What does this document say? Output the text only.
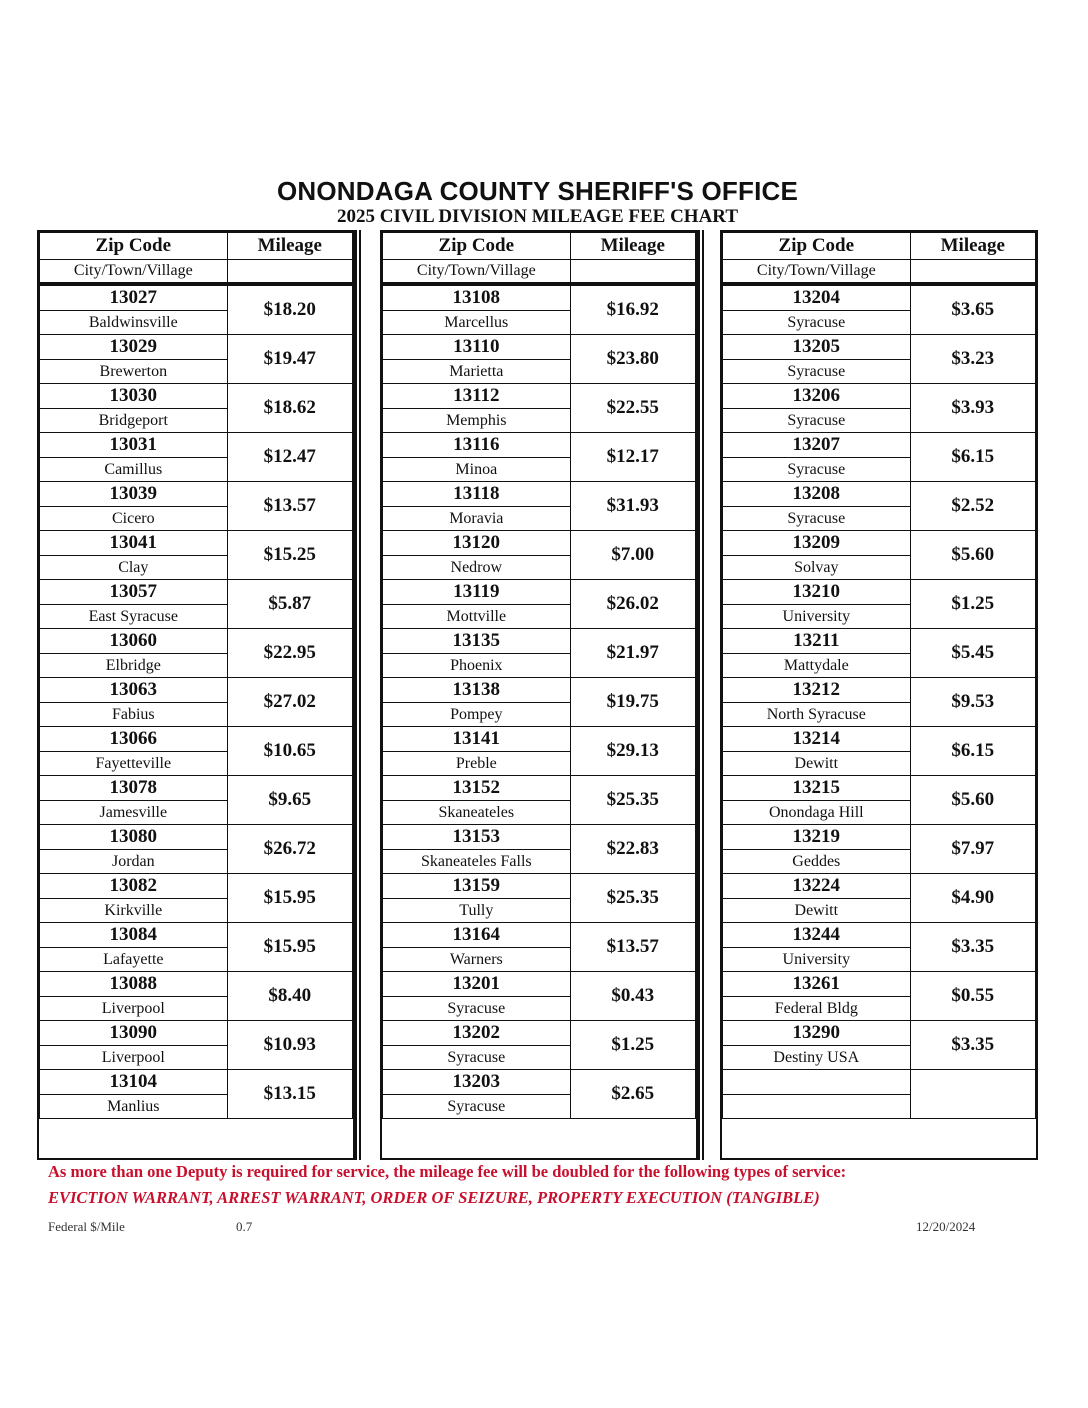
ONONDAGA COUNTY SHERIFF'S OFFICE
2025 CIVIL DIVISION MILEAGE FEE CHART
Zip Code	Mileage
City/Town/Village	
13027	$18.20
Baldwinsville	
13029	$19.47
Brewerton	
13030	$18.62
Bridgeport	
13031	$12.47
Camillus	
13039	$13.57
Cicero	
13041	$15.25
Clay	
13057	$5.87
East Syracuse	
13060	$22.95
Elbridge	
13063	$27.02
Fabius	
13066	$10.65
Fayetteville	
13078	$9.65
Jamesville	
13080	$26.72
Jordan	
13082	$15.95
Kirkville	
13084	$15.95
Lafayette	
13088	$8.40
Liverpool	
13090	$10.93
Liverpool	
13104	$13.15
Manlius	
Zip Code	Mileage
City/Town/Village	
13108	$16.92
Marcellus	
13110	$23.80
Marietta	
13112	$22.55
Memphis	
13116	$12.17
Minoa	
13118	$31.93
Moravia	
13120	$7.00
Nedrow	
13119	$26.02
Mottville	
13135	$21.97
Phoenix	
13138	$19.75
Pompey	
13141	$29.13
Preble	
13152	$25.35
Skaneateles	
13153	$22.83
Skaneateles Falls	
13159	$25.35
Tully	
13164	$13.57
Warners	
13201	$0.43
Syracuse	
13202	$1.25
Syracuse	
13203	$2.65
Syracuse	
Zip Code	Mileage
City/Town/Village	
13204	$3.65
Syracuse	
13205	$3.23
Syracuse	
13206	$3.93
Syracuse	
13207	$6.15
Syracuse	
13208	$2.52
Syracuse	
13209	$5.60
Solvay	
13210	$1.25
University	
13211	$5.45
Mattydale	
13212	$9.53
North Syracuse	
13214	$6.15
Dewitt	
13215	$5.60
Onondaga Hill	
13219	$7.97
Geddes	
13224	$4.90
Dewitt	
13244	$3.35
University	
13261	$0.55
Federal Bldg	
13290	$3.35
Destiny USA	

As more than one Deputy is required for service, the mileage fee will be doubled for the following types of service:
EVICTION WARRANT, ARREST WARRANT, ORDER OF SEIZURE, PROPERTY EXECUTION (TANGIBLE)
Federal $/Mile	0.7	12/20/2024
